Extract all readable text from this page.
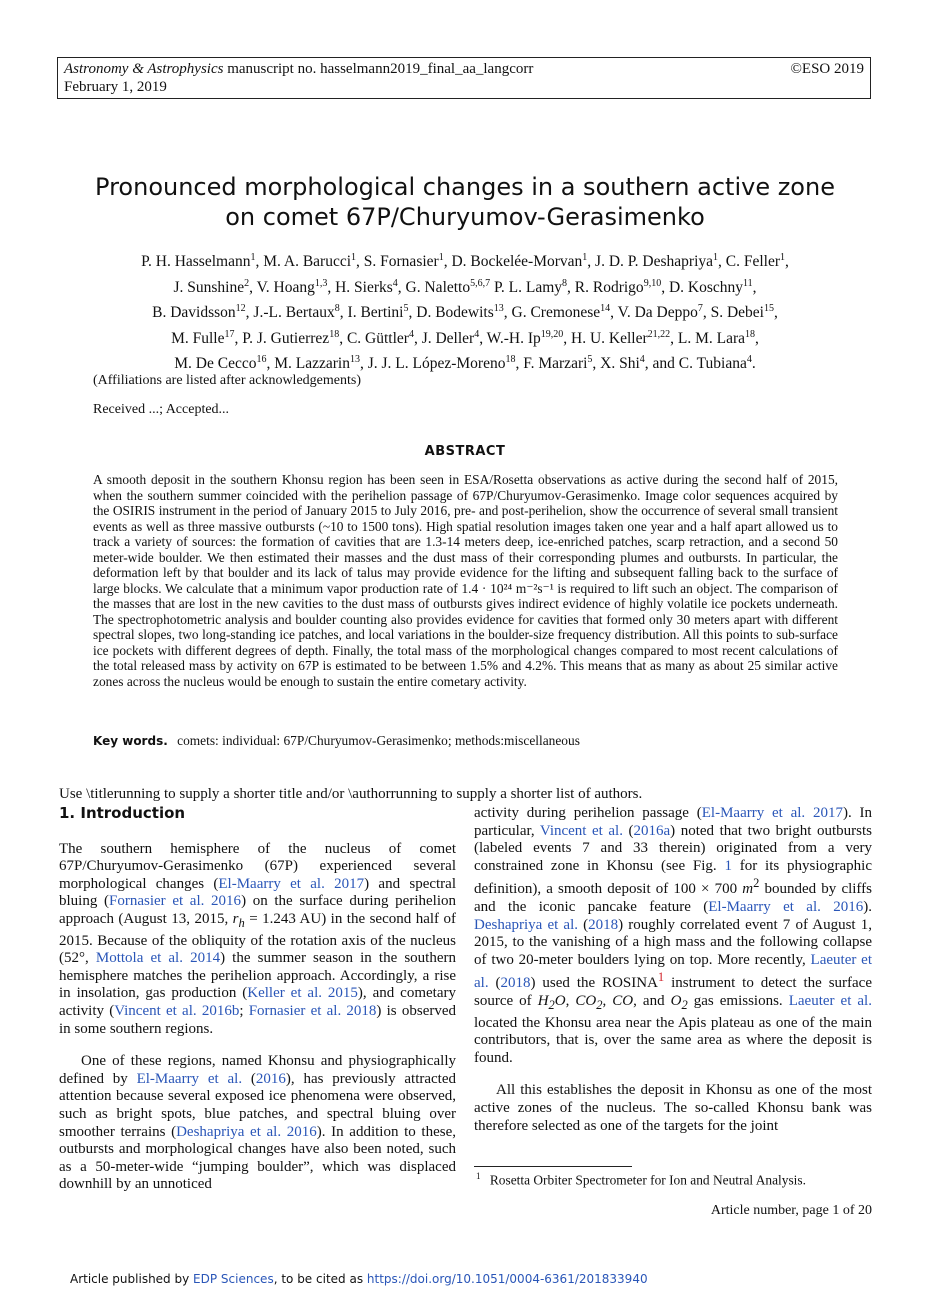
Astronomy & Astrophysics manuscript no. hasselmann2019_final_aa_langcorr
February 1, 2019
©ESO 2019
Pronounced morphological changes in a southern active zone
on comet 67P/Churyumov-Gerasimenko
P. H. Hasselmann$^1$, M. A. Barucci$^1$, S. Fornasier$^1$, D. Bockelée-Morvan$^1$, J. D. P. Deshapriya$^1$, C. Feller$^1$,
J. Sunshine$^2$, V. Hoang$^{1,3}$, H. Sierks$^4$, G. Naletto$^{5,6,7}$ P. L. Lamy$^8$, R. Rodrigo$^{9,10}$, D. Koschny$^{11}$,
B. Davidsson$^{12}$, J.-L. Bertaux$^8$, I. Bertini$^5$, D. Bodewits$^{13}$, G. Cremonese$^{14}$, V. Da Deppo$^7$, S. Debei$^{15}$,
M. Fulle$^{17}$, P. J. Gutierrez$^{18}$, C. Güttler$^4$, J. Deller$^4$, W.-H. Ip$^{19,20}$, H. U. Keller$^{21,22}$, L. M. Lara$^{18}$,
M. De Cecco$^{16}$, M. Lazzarin$^{13}$, J. J. L. López-Moreno$^{18}$, F. Marzari$^5$, X. Shi$^4$, and C. Tubiana$^4$.
(Affiliations are listed after acknowledgements)
Received ...; Accepted...
ABSTRACT
A smooth deposit in the southern Khonsu region has been seen in ESA/Rosetta observations as active during the second half of 2015, when the southern summer coincided with the perihelion passage of 67P/Churyumov-Gerasimenko. Image color sequences acquired by the OSIRIS instrument in the period of January 2015 to July 2016, pre- and post-perihelion, show the occurrence of several small transient events as well as three massive outbursts (~10 to 1500 tons). High spatial resolution images taken one year and a half apart allowed us to track a variety of sources: the formation of cavities that are 1.3-14 meters deep, ice-enriched patches, scarp retraction, and a second 50 meter-wide boulder. We then estimated their masses and the dust mass of their corresponding plumes and outbursts. In particular, the deformation left by that boulder and its lack of talus may provide evidence for the lifting and subsequent falling back to the surface of large blocks. We calculate that a minimum vapor production rate of 1.4 · 10²⁴ m⁻²s⁻¹ is required to lift such an object. The comparison of the masses that are lost in the new cavities to the dust mass of outbursts gives indirect evidence of highly volatile ice pockets underneath. The spectrophotometric analysis and boulder counting also provides evidence for cavities that formed only 30 meters apart with different spectral slopes, two long-standing ice patches, and local variations in the boulder-size frequency distribution. All this points to sub-surface ice pockets with different degrees of depth. Finally, the total mass of the morphological changes compared to most recent calculations of the total released mass by activity on 67P is estimated to be between 1.5% and 4.2%. This means that as many as about 25 similar active zones across the nucleus would be enough to sustain the entire cometary activity.
Key words. comets: individual: 67P/Churyumov-Gerasimenko; methods:miscellaneous
Use \titlerunning to supply a shorter title and/or \authorrunning to supply a shorter list of authors.
1. Introduction

The southern hemisphere of the nucleus of comet 67P/Churyumov-Gerasimenko (67P) experienced several morphological changes (El-Maarry et al. 2017) and spectral bluing (Fornasier et al. 2016) on the surface during perihelion approach (August 13, 2015, $r_h = 1.243$ AU) in the second half of 2015. Because of the obliquity of the rotation axis of the nucleus (52°, Mottola et al. 2014) the summer season in the southern hemisphere matches the perihelion approach. Accordingly, a rise in insolation, gas production (Keller et al. 2015), and cometary activity (Vincent et al. 2016b; Fornasier et al. 2018) is observed in some southern regions.

One of these regions, named Khonsu and physiographically defined by El-Maarry et al. (2016), has previously attracted attention because several exposed ice phenomena were observed, such as bright spots, blue patches, and spectral bluing over smoother terrains (Deshapriya et al. 2016). In addition to these, outbursts and morphological changes have also been noted, such as a 50-meter-wide “jumping boulder”, which was displaced downhill by an unnoticed

activity during perihelion passage (El-Maarry et al. 2017). In particular, Vincent et al. (2016a) noted that two bright outbursts (labeled events 7 and 33 therein) originated from a very constrained zone in Khonsu (see Fig. 1 for its physiographic definition), a smooth deposit of 100 × 700 $m^2$ bounded by cliffs and the iconic pancake feature (El-Maarry et al. 2016). Deshapriya et al. (2018) roughly correlated event 7 of August 1, 2015, to the vanishing of a high mass and the following collapse of two 20-meter boulders lying on top. More recently, Laeuter et al. (2018) used the ROSINA$^1$ instrument to detect the surface source of $H_2O$, $CO_2$, CO, and $O_2$ gas emissions. Laeuter et al. located the Khonsu area near the Apis plateau as one of the main contributors, that is, over the same area as where the deposit is found.

All this establishes the deposit in Khonsu as one of the most active zones of the nucleus. The so-called Khonsu bank was therefore selected as one of the targets for the joint

$^1$ Rosetta Orbiter Spectrometer for Ion and Neutral Analysis.
Article number, page 1 of 20
Article published by EDP Sciences, to be cited as https://doi.org/10.1051/0004-6361/201833940
